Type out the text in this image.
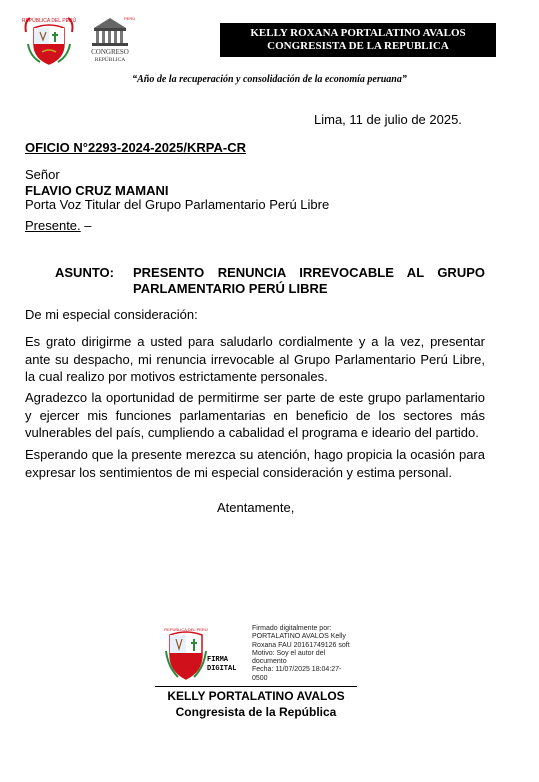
REPÚBLICA DEL PERÚ	PERÚ
CONGRESO
REPÚBLICA
KELLY ROXANA PORTALATINO AVALOS
CONGRESISTA DE LA REPUBLICA
“Año de la recuperación y consolidación de la economía peruana”
Lima, 11 de julio de 2025.
OFICIO N°2293-2024-2025/KRPA-CR
Señor
FLAVIO CRUZ MAMANI
Porta Voz Titular del Grupo Parlamentario Perú Libre
Presente. –
ASUNTO: PRESENTO RENUNCIA IRREVOCABLE AL GRUPO PARLAMENTARIO PERÚ LIBRE
De mi especial consideración:
Es grato dirigirme a usted para saludarlo cordialmente y a la vez, presentar ante su despacho, mi renuncia irrevocable al Grupo Parlamentario Perú Libre, la cual realizo por motivos estrictamente personales.
Agradezco la oportunidad de permitirme ser parte de este grupo parlamentario y ejercer mis funciones parlamentarias en beneficio de los sectores más vulnerables del país, cumpliendo a cabalidad el programa e ideario del partido.
Esperando que la presente merezca su atención, hago propicia la ocasión para expresar los sentimientos de mi especial consideración y estima personal.
Atentamente,
REPÚBLICA DEL PERÚ
FIRMA
DIGITAL
Firmado digitalmente por:
PORTALATINO AVALOS Kelly
Roxana FAU 20161749126 soft
Motivo: Soy el autor del
documento
Fecha: 11/07/2025 18:04:27-0500
KELLY PORTALATINO AVALOS
Congresista de la República
